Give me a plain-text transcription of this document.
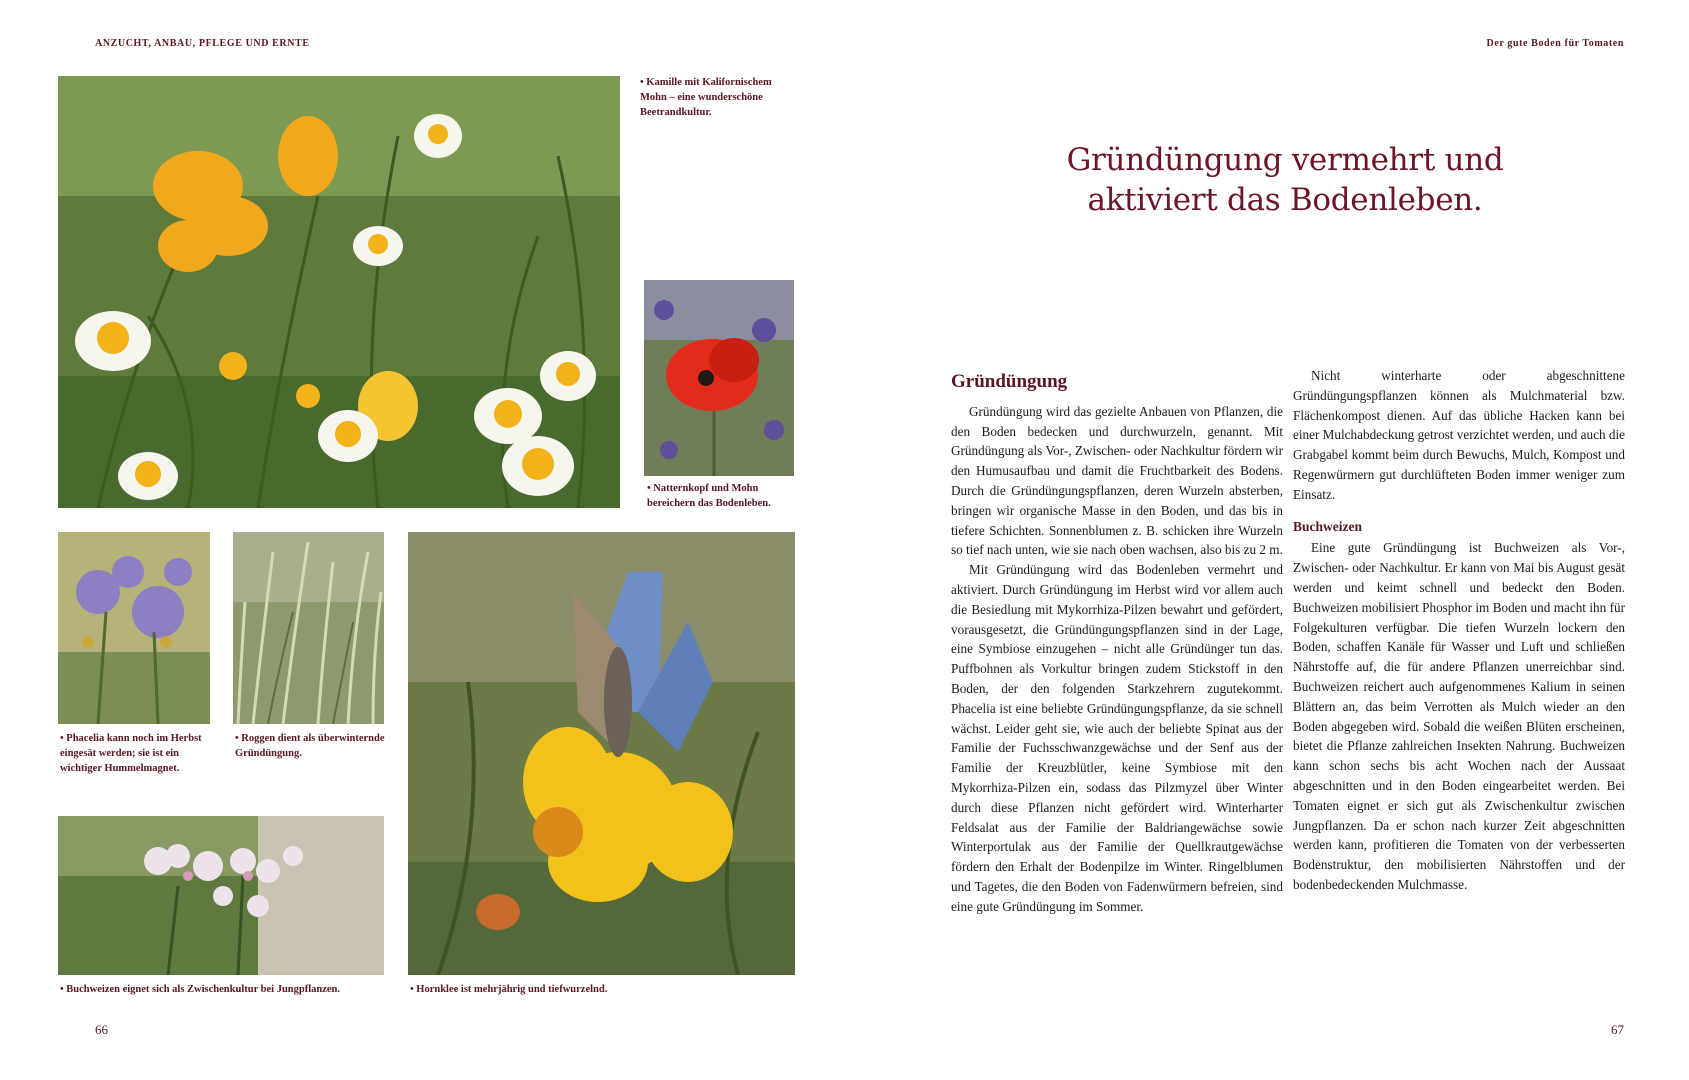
ANZUCHT, ANBAU, PFLEGE UND ERNTE
• Kamille mit Kalifornischem Mohn – eine wunderschöne Beetrandkultur.
• Natternkopf und Mohn bereichern das Bodenleben.
• Phacelia kann noch im Herbst eingesät werden; sie ist ein wichtiger Hummelmagnet.
• Roggen dient als überwinternde Gründüngung.
• Hornklee ist mehrjährig und tiefwurzelnd.
• Buchweizen eignet sich als Zwischenkultur bei Jungpflanzen.
66
Der gute Boden für Tomaten
Gründüngung vermehrt und aktiviert das Bodenleben.
Gründüngung

Gründüngung wird das gezielte Anbauen von Pflanzen, die den Boden bedecken und durchwurzeln, genannt. Mit Gründüngung als Vor-, Zwischen- oder Nachkultur fördern wir den Humusaufbau und damit die Fruchtbarkeit des Bodens. Durch die Gründüngungspflanzen, deren Wurzeln absterben, bringen wir organische Masse in den Boden, und das bis in tiefere Schichten. Sonnenblumen z. B. schicken ihre Wurzeln so tief nach unten, wie sie nach oben wachsen, also bis zu 2 m.

Mit Gründüngung wird das Bodenleben vermehrt und aktiviert. Durch Gründüngung im Herbst wird vor allem auch die Besiedlung mit Mykorrhiza-Pilzen bewahrt und gefördert, vorausgesetzt, die Gründüngungspflanzen sind in der Lage, eine Symbiose einzugehen – nicht alle Gründünger tun das. Puffbohnen als Vorkultur bringen zudem Stickstoff in den Boden, der den folgenden Starkzehrern zugutekommt. Phacelia ist eine beliebte Gründüngungspflanze, da sie schnell wächst. Leider geht sie, wie auch der beliebte Spinat aus der Familie der Fuchsschwanzgewächse und der Senf aus der Familie der Kreuzblütler, keine Symbiose mit den Mykorrhiza-Pilzen ein, sodass das Pilzmyzel über Winter durch diese Pflanzen nicht gefördert wird. Winterharter Feldsalat aus der Familie der Baldriangewächse sowie Winterportulak aus der Familie der Quellkrautgewächse fördern den Erhalt der Bodenpilze im Winter. Ringelblumen und Tagetes, die den Boden von Fadenwürmern befreien, sind eine gute Gründüngung im Sommer.

Nicht winterharte oder abgeschnittene Gründüngungspflanzen können als Mulchmaterial bzw. Flächenkompost dienen. Auf das übliche Hacken kann bei einer Mulchabdeckung getrost verzichtet werden, und auch die Grabgabel kommt beim durch Bewuchs, Mulch, Kompost und Regenwürmern gut durchlüfteten Boden immer weniger zum Einsatz.

Buchweizen

Eine gute Gründüngung ist Buchweizen als Vor-, Zwischen- oder Nachkultur. Er kann von Mai bis August gesät werden und keimt schnell und bedeckt den Boden. Buchweizen mobilisiert Phosphor im Boden und macht ihn für Folgekulturen verfügbar. Die tiefen Wurzeln lockern den Boden, schaffen Kanäle für Wasser und Luft und schließen Nährstoffe auf, die für andere Pflanzen unerreichbar sind. Buchweizen reichert auch aufgenommenes Kalium in seinen Blättern an, das beim Verrotten als Mulch wieder an den Boden abgegeben wird. Sobald die weißen Blüten erscheinen, bietet die Pflanze zahlreichen Insekten Nahrung. Buchweizen kann schon sechs bis acht Wochen nach der Aussaat abgeschnitten und in den Boden eingearbeitet werden. Bei Tomaten eignet er sich gut als Zwischenkultur zwischen Jungpflanzen. Da er schon nach kurzer Zeit abgeschnitten werden kann, profitieren die Tomaten von der verbesserten Bodenstruktur, den mobilisierten Nährstoffen und der bodenbedeckenden Mulchmasse.

67
